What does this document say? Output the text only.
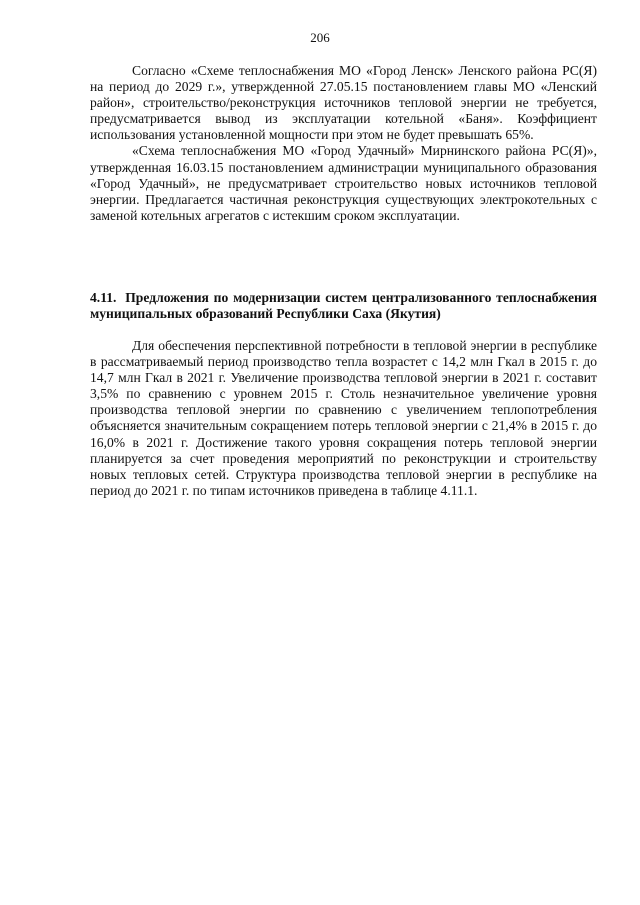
206

Согласно «Схеме теплоснабжения МО «Город Ленск» Ленского района РС(Я) на период до 2029 г.», утвержденной 27.05.15 постановлением главы МО «Ленский район», строительство/реконструкция источников тепловой энергии не требуется, предусматривается вывод из эксплуатации котельной «Баня». Коэффициент использования установленной мощности при этом не будет превышать 65%.

«Схема теплоснабжения МО «Город Удачный» Мирнинского района РС(Я)», утвержденная 16.03.15 постановлением администрации муниципального образования «Город Удачный», не предусматривает строительство новых источников тепловой энергии. Предлагается частичная реконструкция существующих электрокотельных с заменой котельных агрегатов с истекшим сроком эксплуатации.

4.11. Предложения по модернизации систем централизованного теплоснабжения муниципальных образований Республики Саха (Якутия)

Для обеспечения перспективной потребности в тепловой энергии в республике в рассматриваемый период производство тепла возрастет с 14,2 млн Гкал в 2015 г. до 14,7 млн Гкал в 2021 г. Увеличение производства тепловой энергии в 2021 г. составит 3,5% по сравнению с уровнем 2015 г. Столь незначительное увеличение уровня производства тепловой энергии по сравнению с увеличением теплопотребления объясняется значительным сокращением потерь тепловой энергии с 21,4% в 2015 г. до 16,0% в 2021 г. Достижение такого уровня сокращения потерь тепловой энергии планируется за счет проведения мероприятий по реконструкции и строительству новых тепловых сетей. Структура производства тепловой энергии в республике на период до 2021 г. по типам источников приведена в таблице 4.11.1.
